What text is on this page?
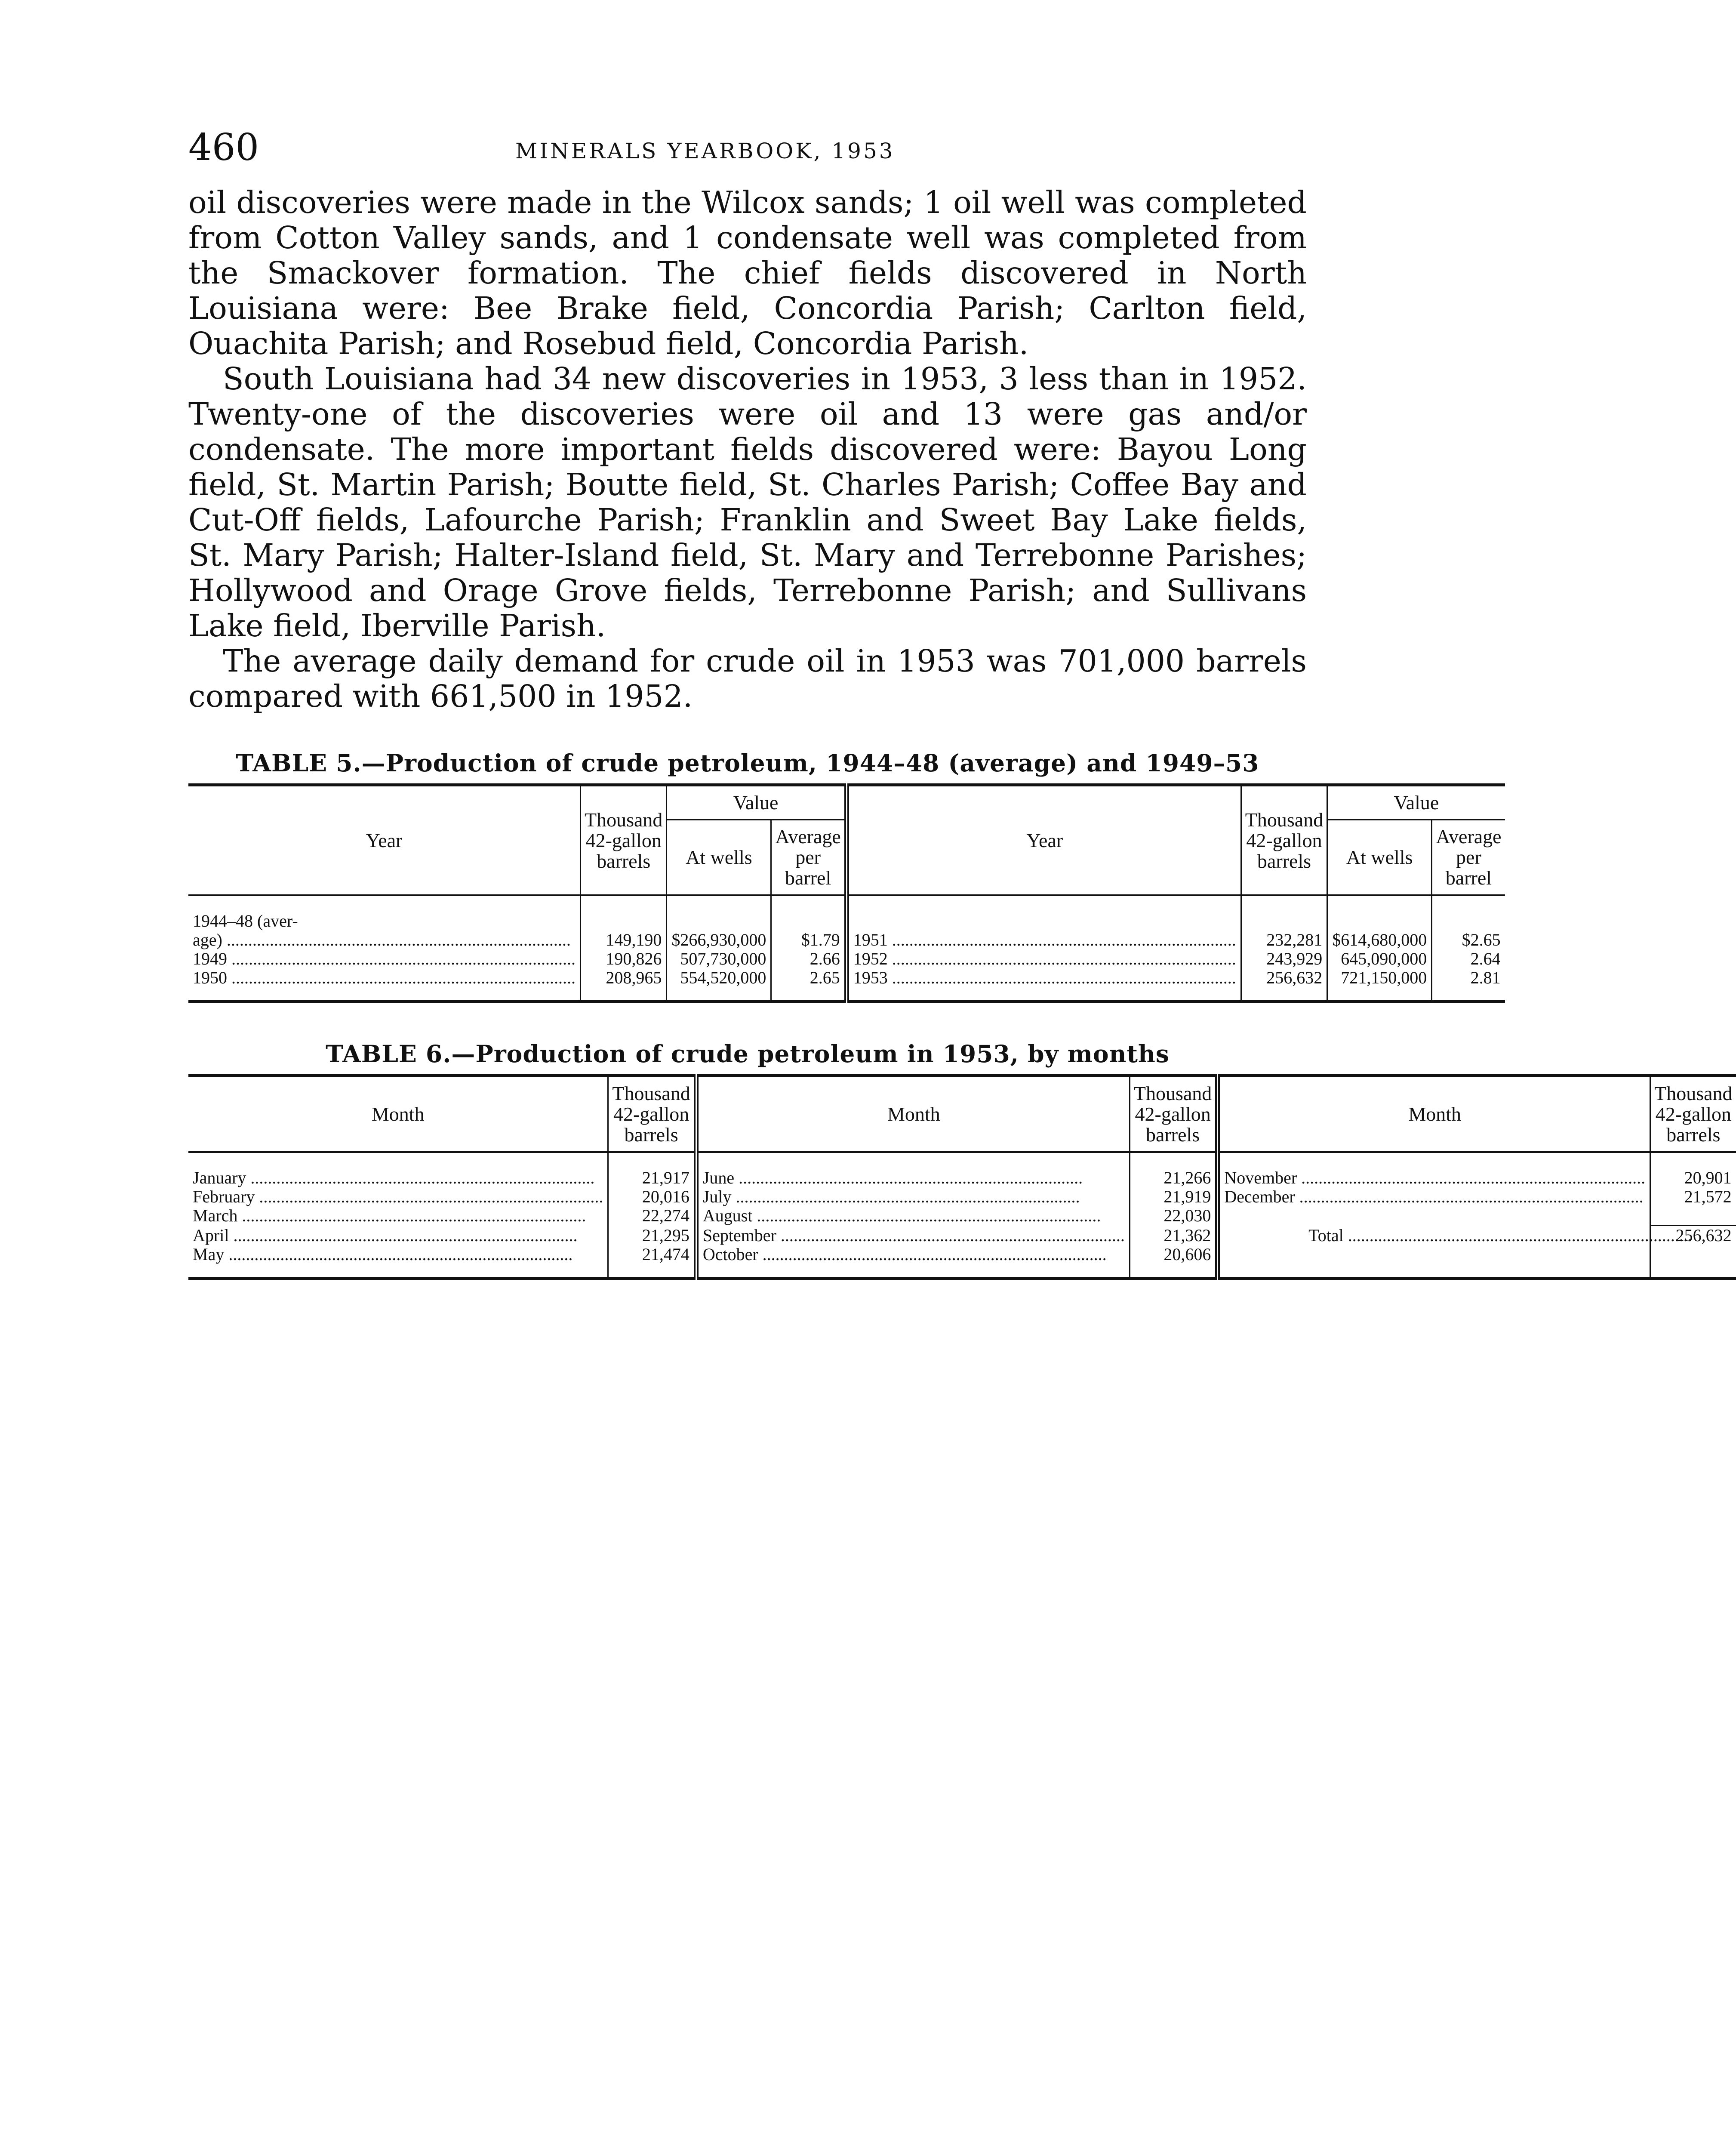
460	MINERALS YEARBOOK, 1953

oil discoveries were made in the Wilcox sands; 1 oil well was completed from Cotton Valley sands, and 1 condensate well was completed from the Smackover formation. The chief fields discovered in North Louisiana were: Bee Brake field, Concordia Parish; Carlton field, Ouachita Parish; and Rosebud field, Concordia Parish.

South Louisiana had 34 new discoveries in 1953, 3 less than in 1952. Twenty-one of the discoveries were oil and 13 were gas and/or condensate. The more important fields discovered were: Bayou Long field, St. Martin Parish; Boutte field, St. Charles Parish; Coffee Bay and Cut-Off fields, Lafourche Parish; Franklin and Sweet Bay Lake fields, St. Mary Parish; Halter-Island field, St. Mary and Terrebonne Parishes; Hollywood and Orage Grove fields, Terrebonne Parish; and Sullivans Lake field, Iberville Parish.

The average daily demand for crude oil in 1953 was 701,000 barrels compared with 661,500 in 1952.

TABLE 5.—Production of crude petroleum, 1944–48 (average) and 1949–53
Year	Thousand 42-gallon barrels	Value		Year	Thousand 42-gallon barrels	Value	
		At wells	Average per barrel			At wells	Average per barrel

1944–48 (aver-
age) .....	149,190	$266,930,000	$1.79	1951 .....	232,281	$614,680,000	$2.65
1949 .....	190,826	507,730,000	2.66	1952 .....	243,929	645,090,000	2.64
1950 .....	208,965	554,520,000	2.65	1953 .....	256,632	721,150,000	2.81
TABLE 6.—Production of crude petroleum in 1953, by months
Month	Thousand 42-gallon barrels	Month	Thousand 42-gallon barrels	Month	Thousand 42-gallon barrels
January .....	21,917	June .....	21,266	November .....	20,901
February .....	20,016	July .....	21,919	December .....	21,572
March .....	22,274	August .....	22,030		
April .....	21,295	September .....	21,362	Total .....	256,632
May .....	21,474	October .....	20,606		
